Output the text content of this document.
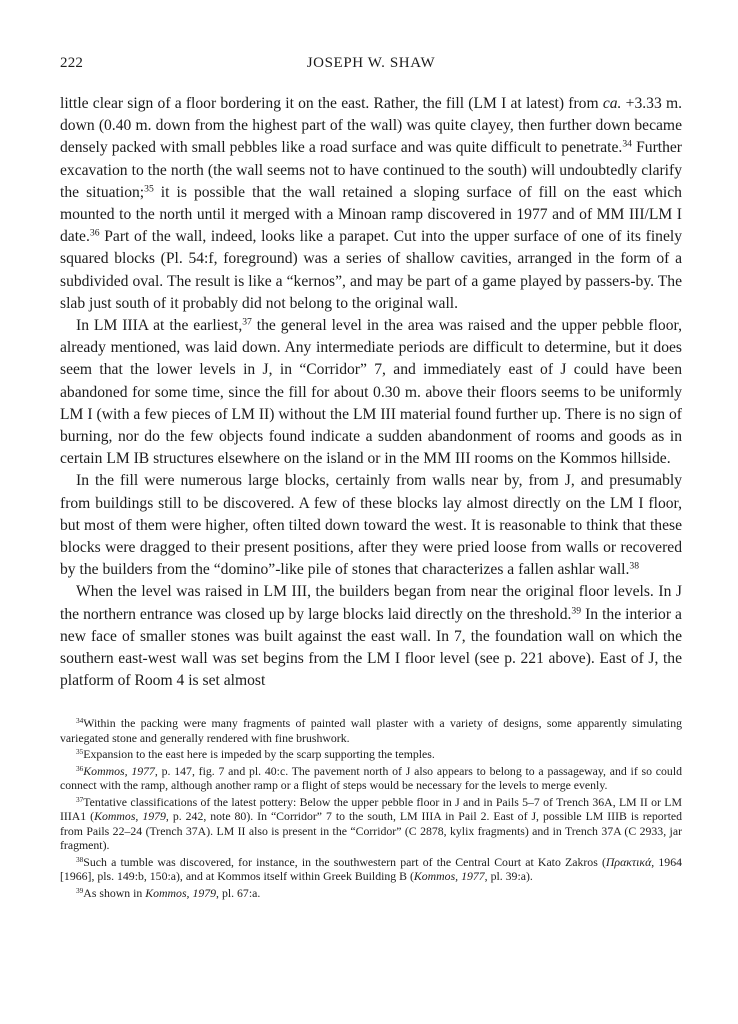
222	JOSEPH W. SHAW

little clear sign of a floor bordering it on the east. Rather, the fill (LM I at latest) from ca. +3.33 m. down (0.40 m. down from the highest part of the wall) was quite clayey, then further down became densely packed with small pebbles like a road surface and was quite difficult to penetrate.$^{34}$ Further excavation to the north (the wall seems not to have continued to the south) will undoubtedly clarify the situation;$^{35}$ it is possible that the wall retained a sloping surface of fill on the east which mounted to the north until it merged with a Minoan ramp discovered in 1977 and of MM III/LM I date.$^{36}$ Part of the wall, indeed, looks like a parapet. Cut into the upper surface of one of its finely squared blocks (Pl. 54:f, foreground) was a series of shallow cavities, arranged in the form of a subdivided oval. The result is like a “kernos”, and may be part of a game played by passers-by. The slab just south of it probably did not belong to the original wall.

In LM IIIA at the earliest,$^{37}$ the general level in the area was raised and the upper pebble floor, already mentioned, was laid down. Any intermediate periods are difficult to determine, but it does seem that the lower levels in J, in “Corridor” 7, and immediately east of J could have been abandoned for some time, since the fill for about 0.30 m. above their floors seems to be uniformly LM I (with a few pieces of LM II) without the LM III material found further up. There is no sign of burning, nor do the few objects found indicate a sudden abandonment of rooms and goods as in certain LM IB structures elsewhere on the island or in the MM III rooms on the Kommos hillside.

In the fill were numerous large blocks, certainly from walls near by, from J, and presumably from buildings still to be discovered. A few of these blocks lay almost directly on the LM I floor, but most of them were higher, often tilted down toward the west. It is reasonable to think that these blocks were dragged to their present positions, after they were pried loose from walls or recovered by the builders from the “domino”-like pile of stones that characterizes a fallen ashlar wall.$^{38}$

When the level was raised in LM III, the builders began from near the original floor levels. In J the northern entrance was closed up by large blocks laid directly on the threshold.$^{39}$ In the interior a new face of smaller stones was built against the east wall. In 7, the foundation wall on which the southern east-west wall was set begins from the LM I floor level (see p. 221 above). East of J, the platform of Room 4 is set almost

$^{34}$Within the packing were many fragments of painted wall plaster with a variety of designs, some apparently simulating variegated stone and generally rendered with fine brushwork.

$^{35}$Expansion to the east here is impeded by the scarp supporting the temples.

$^{36}$Kommos, 1977, p. 147, fig. 7 and pl. 40:c. The pavement north of J also appears to belong to a passageway, and if so could connect with the ramp, although another ramp or a flight of steps would be necessary for the levels to merge evenly.

$^{37}$Tentative classifications of the latest pottery: Below the upper pebble floor in J and in Pails 5–7 of Trench 36A, LM II or LM IIIA1 (Kommos, 1979, p. 242, note 80). In “Corridor” 7 to the south, LM IIIA in Pail 2. East of J, possible LM IIIB is reported from Pails 22–24 (Trench 37A). LM II also is present in the “Corridor” (C 2878, kylix fragments) and in Trench 37A (C 2933, jar fragment).

$^{38}$Such a tumble was discovered, for instance, in the southwestern part of the Central Court at Kato Zakros (Πρακτικά, 1964 [1966], pls. 149:b, 150:a), and at Kommos itself within Greek Building B (Kommos, 1977, pl. 39:a).

$^{39}$As shown in Kommos, 1979, pl. 67:a.
